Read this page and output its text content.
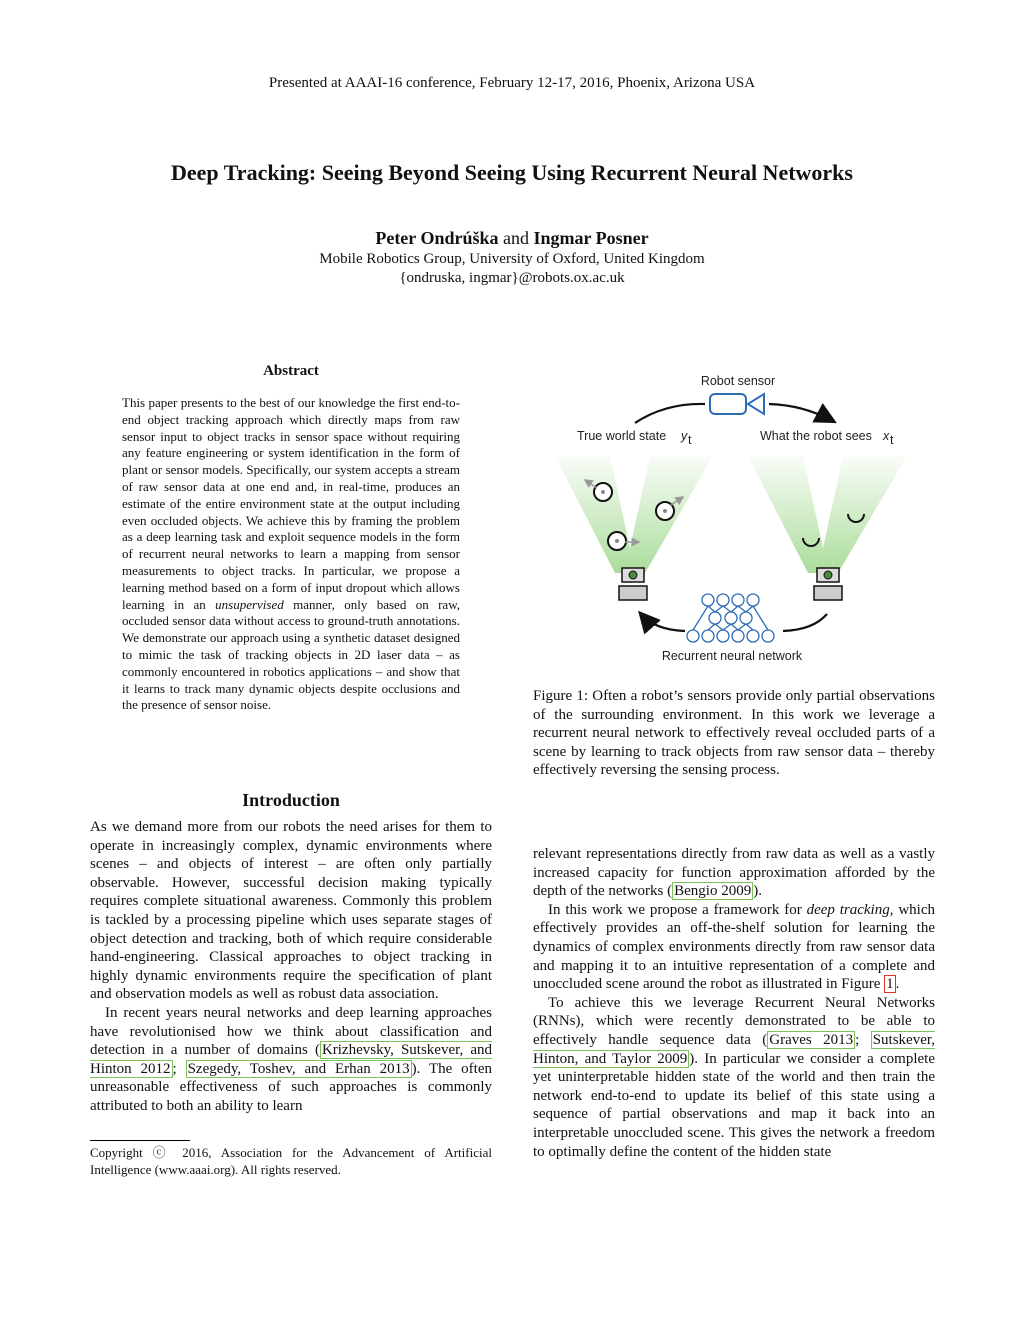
Presented at AAAI-16 conference, February 12-17, 2016, Phoenix, Arizona USA
Deep Tracking: Seeing Beyond Seeing Using Recurrent Neural Networks
Peter Ondrúška and Ingmar Posner
Mobile Robotics Group, University of Oxford, United Kingdom
{ondruska, ingmar}@robots.ox.ac.uk
Abstract
This paper presents to the best of our knowledge the first end-to-end object tracking approach which directly maps from raw sensor input to object tracks in sensor space without requiring any feature engineering or system identification in the form of plant or sensor models. Specifically, our system accepts a stream of raw sensor data at one end and, in real-time, produces an estimate of the entire environment state at the output including even occluded objects. We achieve this by framing the problem as a deep learning task and exploit sequence models in the form of recurrent neural networks to learn a mapping from sensor measurements to object tracks. In particular, we propose a learning method based on a form of input dropout which allows learning in an unsupervised manner, only based on raw, occluded sensor data without access to ground-truth annotations. We demonstrate our approach using a synthetic dataset designed to mimic the task of tracking objects in 2D laser data – as commonly encountered in robotics applications – and show that it learns to track many dynamic objects despite occlusions and the presence of sensor noise.
Robot sensor
True world state y t	What the robot sees x t
Recurrent neural network
Figure 1: Often a robot’s sensors provide only partial observations of the surrounding environment. In this work we leverage a recurrent neural network to effectively reveal occluded parts of a scene by learning to track objects from raw sensor data – thereby effectively reversing the sensing process.
Introduction

As we demand more from our robots the need arises for them to operate in increasingly complex, dynamic environments where scenes – and objects of interest – are often only partially observable. However, successful decision making typically requires complete situational awareness. Commonly this problem is tackled by a processing pipeline which uses separate stages of object detection and tracking, both of which require considerable hand-engineering. Classical approaches to object tracking in highly dynamic environments require the specification of plant and observation models as well as robust data association.

In recent years neural networks and deep learning approaches have revolutionised how we think about classification and detection in a number of domains ( Krizhevsky, Sutskever, and Hinton 2012 ; Szegedy, Toshev, and Erhan 2013 ). The often unreasonable effectiveness of such approaches is commonly attributed to both an ability to learn

Copyright ⓒ 2016, Association for the Advancement of Artificial Intelligence (www.aaai.org). All rights reserved.

relevant representations directly from raw data as well as a vastly increased capacity for function approximation afforded by the depth of the networks ( Bengio 2009 ).

In this work we propose a framework for deep tracking, which effectively provides an off-the-shelf solution for learning the dynamics of complex environments directly from raw sensor data and mapping it to an intuitive representation of a complete and unoccluded scene around the robot as illustrated in Figure 1 .

To achieve this we leverage Recurrent Neural Networks (RNNs), which were recently demonstrated to be able to effectively handle sequence data ( Graves 2013 ; Sutskever, Hinton, and Taylor 2009 ). In particular we consider a complete yet uninterpretable hidden state of the world and then train the network end-to-end to update its belief of this state using a sequence of partial observations and map it back into an interpretable unoccluded scene. This gives the network a freedom to optimally define the content of the hidden state
